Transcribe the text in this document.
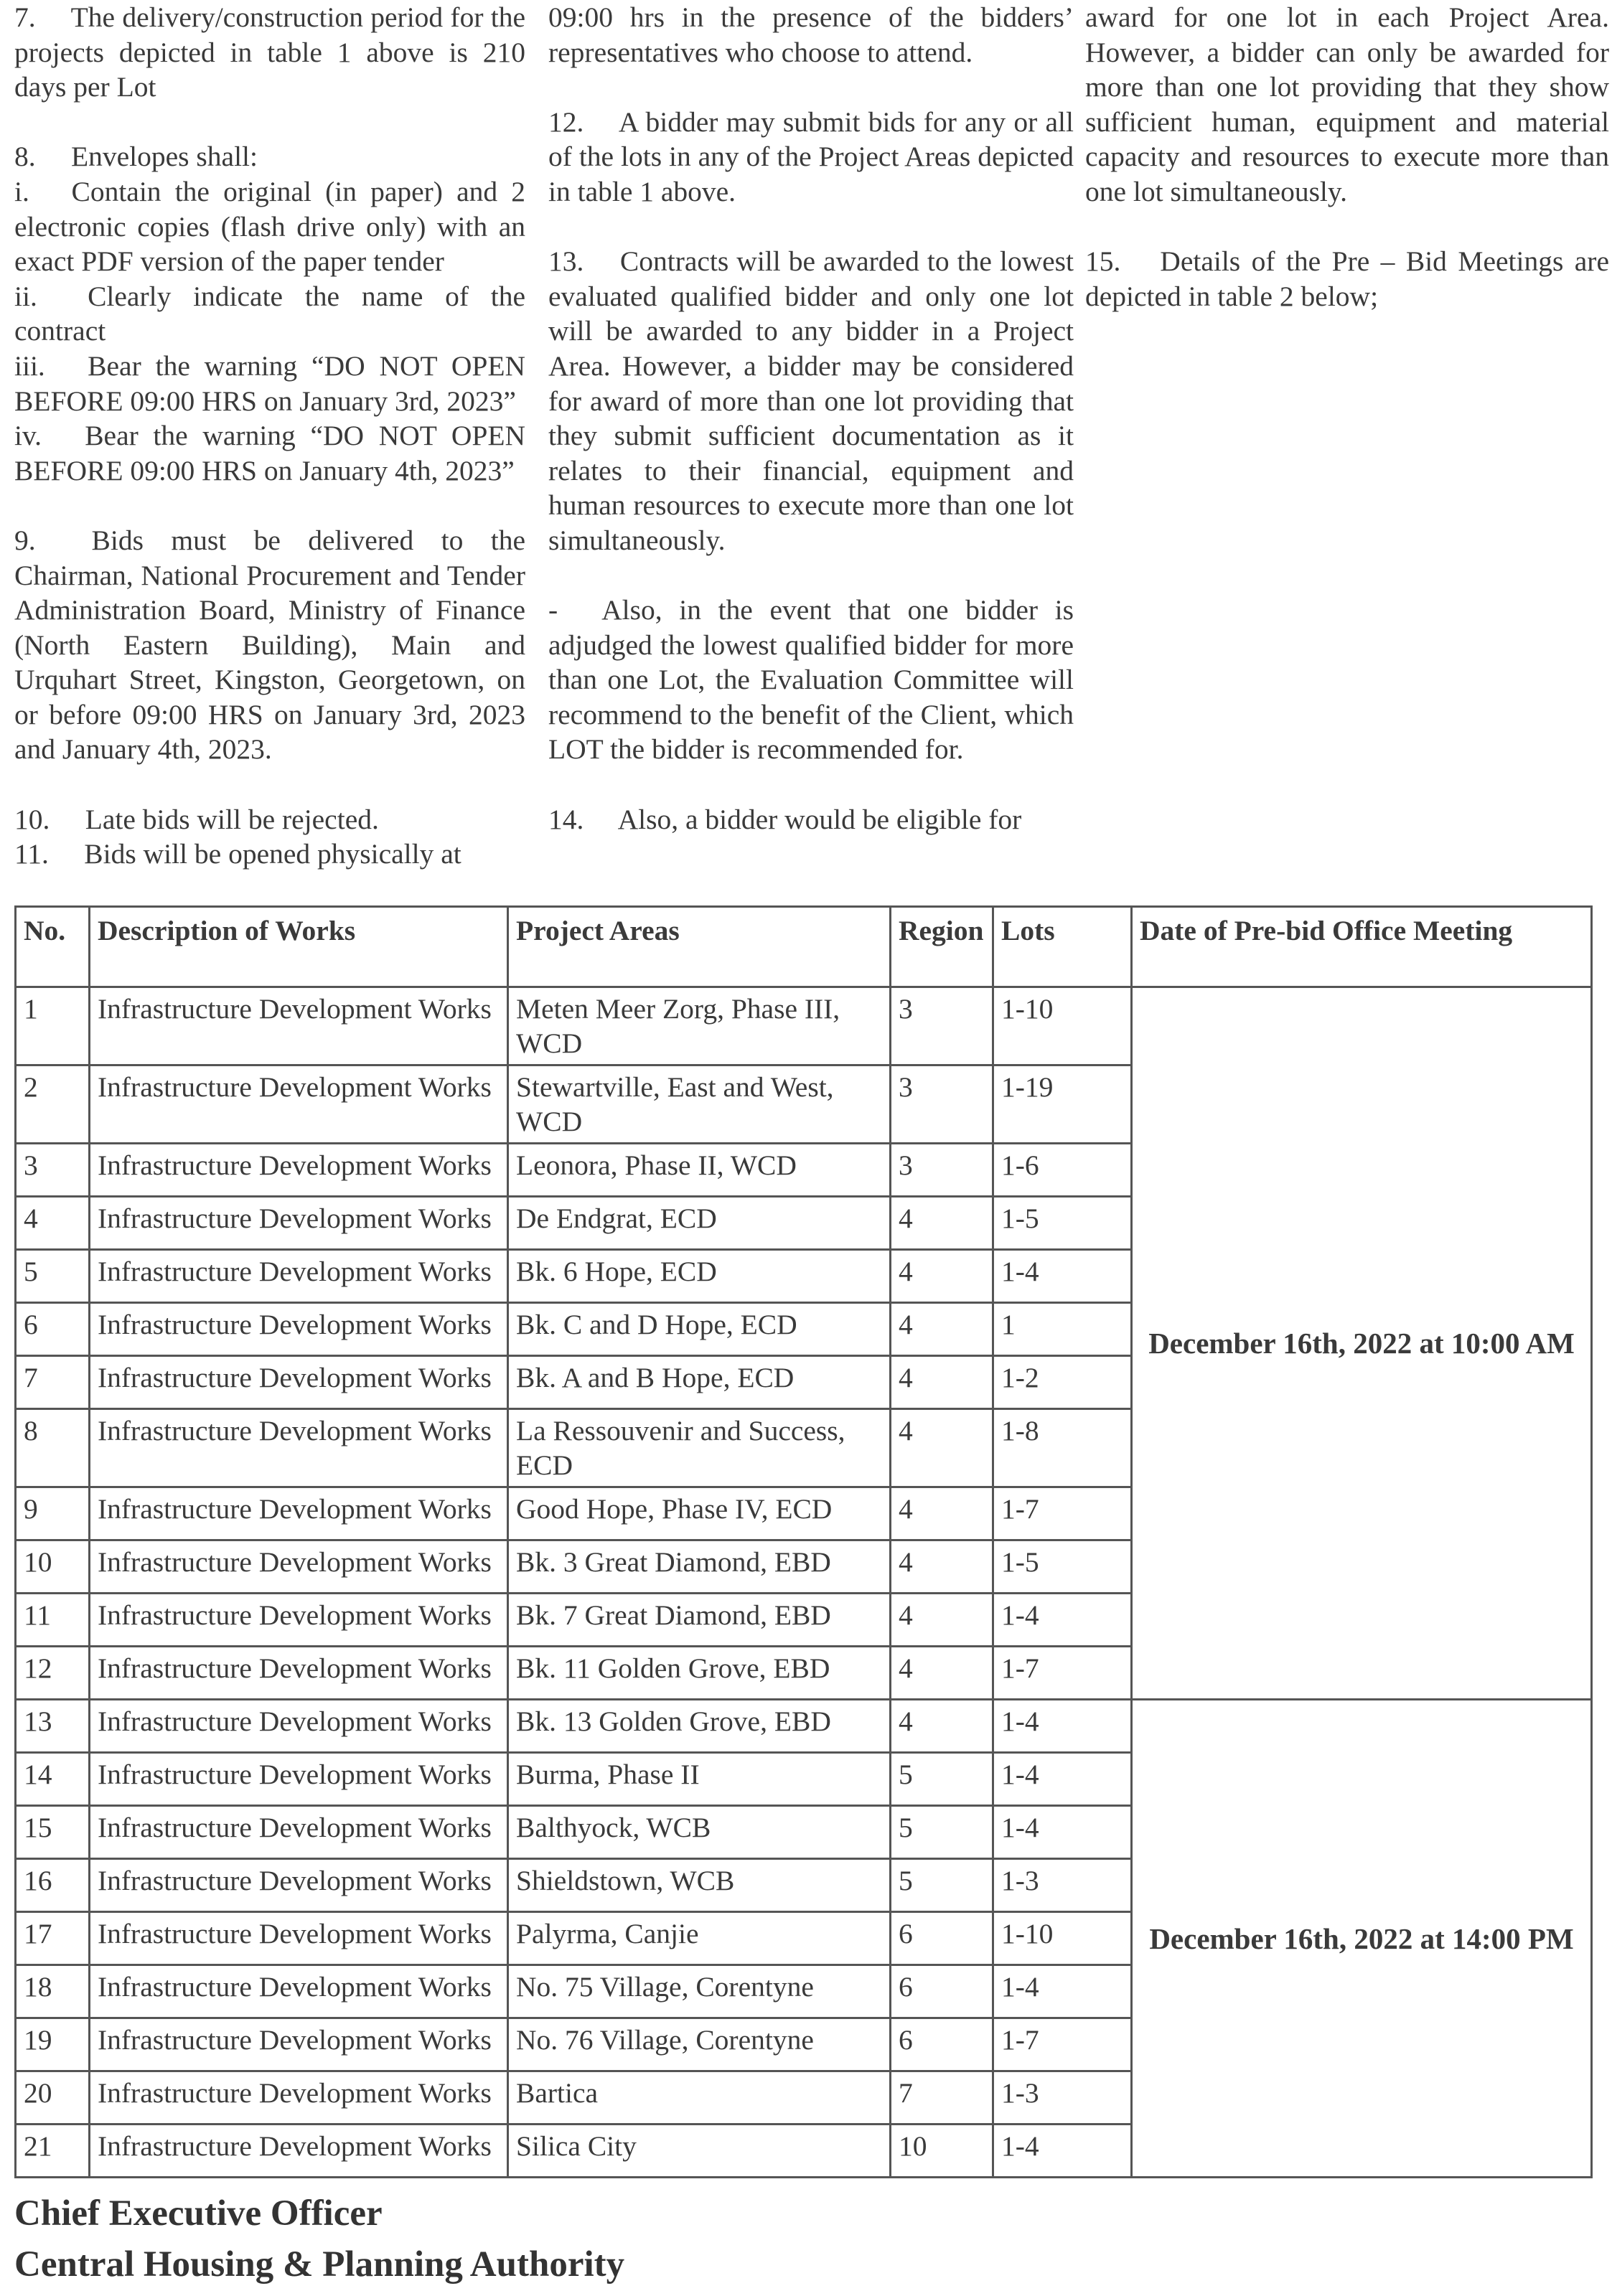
7.  The delivery/construction period for the projects depicted in table 1 above is 210 days per Lot
8.  Envelopes shall:
i.  Contain the original (in paper) and 2 electronic copies (flash drive only) with an exact PDF version of the paper tender
ii.  Clearly indicate the name of the contract
iii.  Bear the warning “DO NOT OPEN BEFORE 09:00 HRS on January 3rd, 2023”
iv.  Bear the warning “DO NOT OPEN BEFORE 09:00 HRS on January 4th, 2023”
9.  Bids must be delivered to the Chairman, National Procurement and Tender Administration Board, Ministry of Finance (North Eastern Building), Main and Urquhart Street, Kingston, Georgetown, on or before 09:00 HRS on January 3rd, 2023 and January 4th, 2023.
10.  Late bids will be rejected.
11.  Bids will be opened physically at
09:00 hrs in the presence of the bidders’ representatives who choose to attend.
12.  A bidder may submit bids for any or all of the lots in any of the Project Areas depicted in table 1 above.
13.  Contracts will be awarded to the lowest evaluated qualified bidder and only one lot will be awarded to any bidder in a Project Area. However, a bidder may be considered for award of more than one lot providing that they submit sufficient documentation as it relates to their financial, equipment and human resources to execute more than one lot simultaneously.
-  Also, in the event that one bidder is adjudged the lowest qualified bidder for more than one Lot, the Evaluation Committee will recommend to the benefit of the Client, which LOT the bidder is recommended for.
14.  Also, a bidder would be eligible for
award for one lot in each Project Area. However, a bidder can only be awarded for more than one lot providing that they show sufficient human, equipment and material capacity and resources to execute more than one lot simultaneously.
15.  Details of the Pre – Bid Meetings are depicted in table 2 below;
No.	Description of Works	Project Areas	Region	Lots	Date of Pre-bid Office Meeting
1	Infrastructure Development Works	Meten Meer Zorg, Phase III, WCD	3	1-10	December 16th, 2022 at 10:00 AM
2	Infrastructure Development Works	Stewartville, East and West, WCD	3	1-19	
3	Infrastructure Development Works	Leonora, Phase II, WCD	3	1-6	
4	Infrastructure Development Works	De Endgrat, ECD	4	1-5	
5	Infrastructure Development Works	Bk. 6 Hope, ECD	4	1-4	
6	Infrastructure Development Works	Bk. C and D Hope, ECD	4	1	
7	Infrastructure Development Works	Bk. A and B Hope, ECD	4	1-2	
8	Infrastructure Development Works	La Ressouvenir and Success, ECD	4	1-8	
9	Infrastructure Development Works	Good Hope, Phase IV, ECD	4	1-7	
10	Infrastructure Development Works	Bk. 3 Great Diamond, EBD	4	1-5	
11	Infrastructure Development Works	Bk. 7 Great Diamond, EBD	4	1-4	
12	Infrastructure Development Works	Bk. 11 Golden Grove, EBD	4	1-7	
13	Infrastructure Development Works	Bk. 13 Golden Grove, EBD	4	1-4	December 16th, 2022 at 14:00 PM
14	Infrastructure Development Works	Burma, Phase II	5	1-4	
15	Infrastructure Development Works	Balthyock, WCB	5	1-4	
16	Infrastructure Development Works	Shieldstown, WCB	5	1-3	
17	Infrastructure Development Works	Palyrma, Canjie	6	1-10	
18	Infrastructure Development Works	No. 75 Village, Corentyne	6	1-4	
19	Infrastructure Development Works	No. 76 Village, Corentyne	6	1-7	
20	Infrastructure Development Works	Bartica	7	1-3	
21	Infrastructure Development Works	Silica City	10	1-4	
Chief Executive Officer
Central Housing & Planning Authority
